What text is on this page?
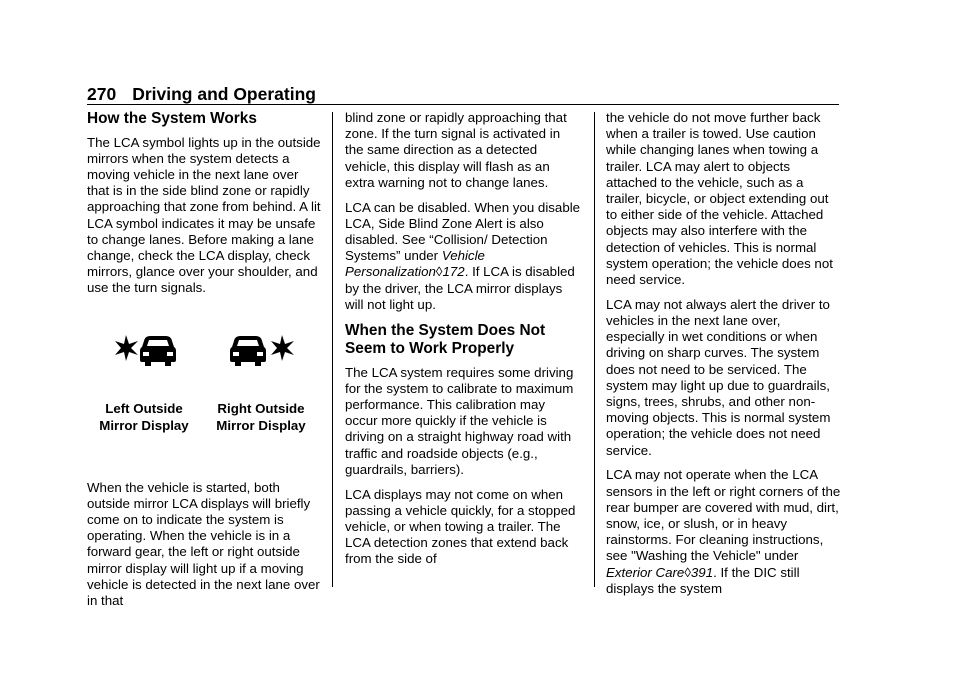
270 Driving and Operating
How the System Works

The LCA symbol lights up in the outside mirrors when the system detects a moving vehicle in the next lane over that is in the side blind zone or rapidly approaching that zone from behind. A lit LCA symbol indicates it may be unsafe to change lanes. Before making a lane change, check the LCA display, check mirrors, glance over your shoulder, and use the turn signals.

Left Outside
Mirror Display
Right Outside
Mirror Display

When the vehicle is started, both outside mirror LCA displays will briefly come on to indicate the system is operating. When the vehicle is in a forward gear, the left or right outside mirror display will light up if a moving vehicle is detected in the next lane over in that

blind zone or rapidly approaching that zone. If the turn signal is activated in the same direction as a detected vehicle, this display will flash as an extra warning not to change lanes.

LCA can be disabled. When you disable LCA, Side Blind Zone Alert is also disabled. See “Collision/ Detection Systems” under Vehicle Personalization◊172. If LCA is disabled by the driver, the LCA mirror displays will not light up.

When the System Does Not Seem to Work Properly

The LCA system requires some driving for the system to calibrate to maximum performance. This calibration may occur more quickly if the vehicle is driving on a straight highway road with traffic and roadside objects (e.g., guardrails, barriers).

LCA displays may not come on when passing a vehicle quickly, for a stopped vehicle, or when towing a trailer. The LCA detection zones that extend back from the side of

the vehicle do not move further back when a trailer is towed. Use caution while changing lanes when towing a trailer. LCA may alert to objects attached to the vehicle, such as a trailer, bicycle, or object extending out to either side of the vehicle. Attached objects may also interfere with the detection of vehicles. This is normal system operation; the vehicle does not need service.

LCA may not always alert the driver to vehicles in the next lane over, especially in wet conditions or when driving on sharp curves. The system does not need to be serviced. The system may light up due to guardrails, signs, trees, shrubs, and other non-moving objects. This is normal system operation; the vehicle does not need service.

LCA may not operate when the LCA sensors in the left or right corners of the rear bumper are covered with mud, dirt, snow, ice, or slush, or in heavy rainstorms. For cleaning instructions, see "Washing the Vehicle" under Exterior Care◊391. If the DIC still displays the system
